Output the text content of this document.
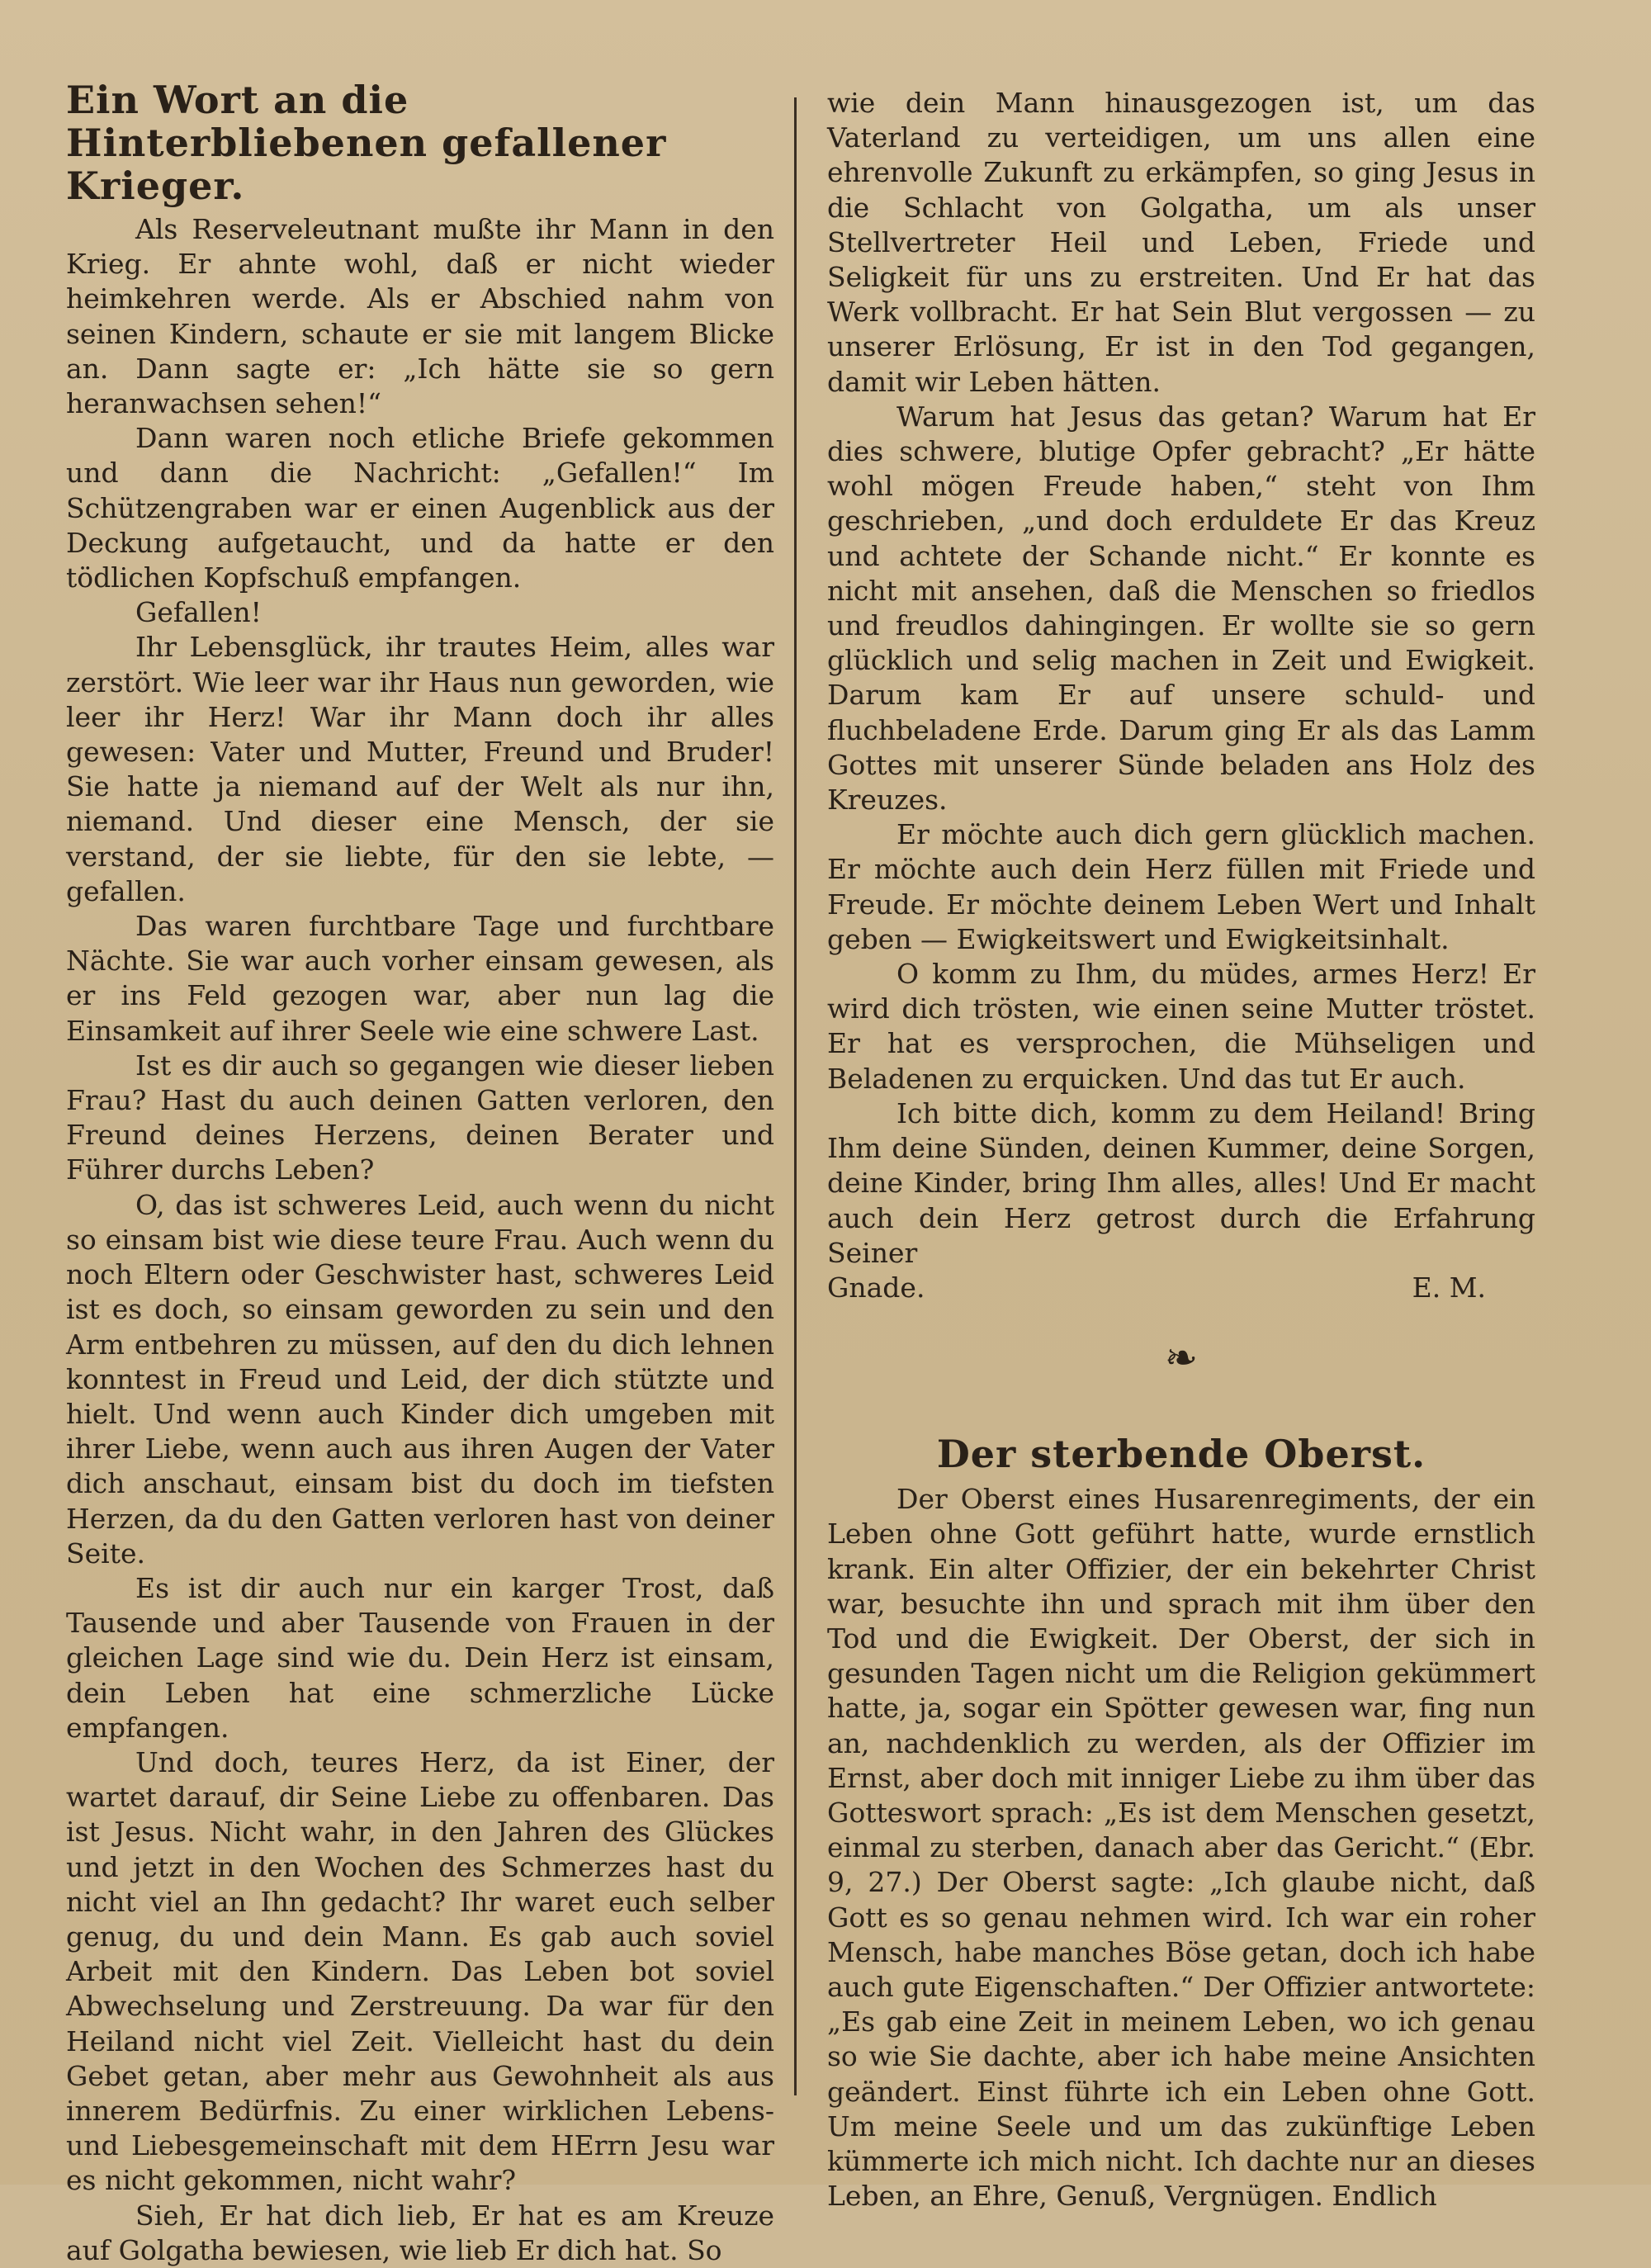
Ein Wort an die Hinterbliebenen gefallener Krieger.

Als Reserveleutnant mußte ihr Mann in den Krieg. Er ahnte wohl, daß er nicht wieder heimkehren werde. Als er Abschied nahm von seinen Kindern, schaute er sie mit langem Blicke an. Dann sagte er: „Ich hätte sie so gern heranwachsen sehen!“

Dann waren noch etliche Briefe gekommen und dann die Nachricht: „Gefallen!“ Im Schützengraben war er einen Augenblick aus der Deckung aufgetaucht, und da hatte er den tödlichen Kopfschuß empfangen.

Gefallen!

Ihr Lebensglück, ihr trautes Heim, alles war zerstört. Wie leer war ihr Haus nun geworden, wie leer ihr Herz! War ihr Mann doch ihr alles gewesen: Vater und Mutter, Freund und Bruder! Sie hatte ja niemand auf der Welt als nur ihn, niemand. Und dieser eine Mensch, der sie verstand, der sie liebte, für den sie lebte, — gefallen.

Das waren furchtbare Tage und furchtbare Nächte. Sie war auch vorher einsam gewesen, als er ins Feld gezogen war, aber nun lag die Einsamkeit auf ihrer Seele wie eine schwere Last.

Ist es dir auch so gegangen wie dieser lieben Frau? Hast du auch deinen Gatten verloren, den Freund deines Herzens, deinen Berater und Führer durchs Leben?

O, das ist schweres Leid, auch wenn du nicht so einsam bist wie diese teure Frau. Auch wenn du noch Eltern oder Geschwister hast, schweres Leid ist es doch, so einsam geworden zu sein und den Arm entbehren zu müssen, auf den du dich lehnen konntest in Freud und Leid, der dich stützte und hielt. Und wenn auch Kinder dich umgeben mit ihrer Liebe, wenn auch aus ihren Augen der Vater dich anschaut, einsam bist du doch im tiefsten Herzen, da du den Gatten verloren hast von deiner Seite.

Es ist dir auch nur ein karger Trost, daß Tausende und aber Tausende von Frauen in der gleichen Lage sind wie du. Dein Herz ist einsam, dein Leben hat eine schmerzliche Lücke empfangen.

Und doch, teures Herz, da ist Einer, der wartet darauf, dir Seine Liebe zu offenbaren. Das ist Jesus. Nicht wahr, in den Jahren des Glückes und jetzt in den Wochen des Schmerzes hast du nicht viel an Ihn gedacht? Ihr waret euch selber genug, du und dein Mann. Es gab auch soviel Arbeit mit den Kindern. Das Leben bot soviel Abwechselung und Zerstreuung. Da war für den Heiland nicht viel Zeit. Vielleicht hast du dein Gebet getan, aber mehr aus Gewohnheit als aus innerem Bedürfnis. Zu einer wirklichen Lebens- und Liebesgemeinschaft mit dem HErrn Jesu war es nicht gekommen, nicht wahr?

Sieh, Er hat dich lieb, Er hat es am Kreuze auf Golgatha bewiesen, wie lieb Er dich hat. So

wie dein Mann hinausgezogen ist, um das Vaterland zu verteidigen, um uns allen eine ehrenvolle Zukunft zu erkämpfen, so ging Jesus in die Schlacht von Golgatha, um als unser Stellvertreter Heil und Leben, Friede und Seligkeit für uns zu erstreiten. Und Er hat das Werk vollbracht. Er hat Sein Blut vergossen — zu unserer Erlösung, Er ist in den Tod gegangen, damit wir Leben hätten.

Warum hat Jesus das getan? Warum hat Er dies schwere, blutige Opfer gebracht? „Er hätte wohl mögen Freude haben,“ steht von Ihm geschrieben, „und doch erduldete Er das Kreuz und achtete der Schande nicht.“ Er konnte es nicht mit ansehen, daß die Menschen so friedlos und freudlos dahingingen. Er wollte sie so gern glücklich und selig machen in Zeit und Ewigkeit. Darum kam Er auf unsere schuld- und fluchbeladene Erde. Darum ging Er als das Lamm Gottes mit unserer Sünde beladen ans Holz des Kreuzes.

Er möchte auch dich gern glücklich machen. Er möchte auch dein Herz füllen mit Friede und Freude. Er möchte deinem Leben Wert und Inhalt geben — Ewigkeitswert und Ewigkeitsinhalt.

O komm zu Ihm, du müdes, armes Herz! Er wird dich trösten, wie einen seine Mutter tröstet. Er hat es versprochen, die Mühseligen und Beladenen zu erquicken. Und das tut Er auch.

Ich bitte dich, komm zu dem Heiland! Bring Ihm deine Sünden, deinen Kummer, deine Sorgen, deine Kinder, bring Ihm alles, alles! Und Er macht auch dein Herz getrost durch die Erfahrung Seiner

Gnade.	E. M.

❧
Der sterbende Oberst.

Der Oberst eines Husarenregiments, der ein Leben ohne Gott geführt hatte, wurde ernstlich krank. Ein alter Offizier, der ein bekehrter Christ war, besuchte ihn und sprach mit ihm über den Tod und die Ewigkeit. Der Oberst, der sich in gesunden Tagen nicht um die Religion gekümmert hatte, ja, sogar ein Spötter gewesen war, fing nun an, nachdenklich zu werden, als der Offizier im Ernst, aber doch mit inniger Liebe zu ihm über das Gotteswort sprach: „Es ist dem Menschen gesetzt, einmal zu sterben, danach aber das Gericht.“ (Ebr. 9, 27.) Der Oberst sagte: „Ich glaube nicht, daß Gott es so genau nehmen wird. Ich war ein roher Mensch, habe manches Böse getan, doch ich habe auch gute Eigenschaften.“ Der Offizier antwortete: „Es gab eine Zeit in meinem Leben, wo ich genau so wie Sie dachte, aber ich habe meine Ansichten geändert. Einst führte ich ein Leben ohne Gott. Um meine Seele und um das zukünftige Leben kümmerte ich mich nicht. Ich dachte nur an dieses Leben, an Ehre, Genuß, Vergnügen. Endlich
